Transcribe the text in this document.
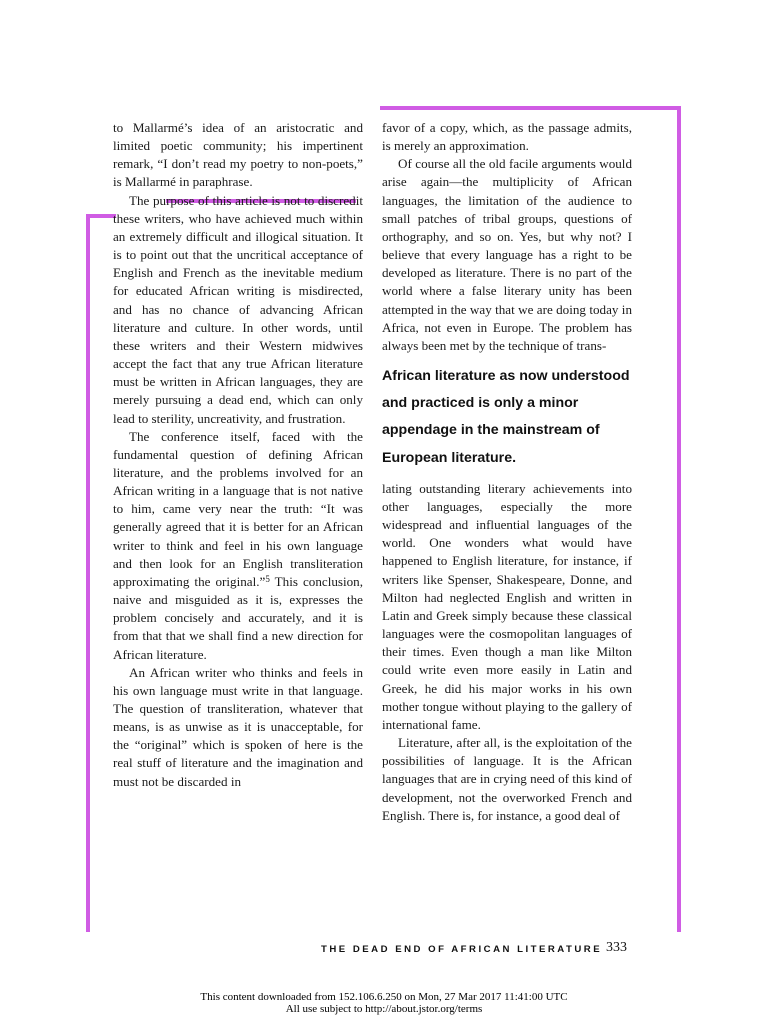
to Mallarmé’s idea of an aristocratic and limited poetic community; his impertinent remark, “I don’t read my poetry to non-poets,” is Mallarmé in paraphrase.

The purpose of this article is not to discredit these writers, who have achieved much within an extremely difficult and illogical situation. It is to point out that the uncritical acceptance of English and French as the inevitable medium for educated African writing is misdirected, and has no chance of advancing African literature and culture. In other words, until these writers and their Western midwives accept the fact that any true African literature must be written in African languages, they are merely pursuing a dead end, which can only lead to sterility, uncreativity, and frustration.

The conference itself, faced with the fundamental question of defining African literature, and the problems involved for an African writing in a language that is not native to him, came very near the truth: “It was generally agreed that it is better for an African writer to think and feel in his own language and then look for an English transliteration approximating the original.”$^5$ This conclusion, naive and misguided as it is, expresses the problem concisely and accurately, and it is from that that we shall find a new direction for African literature.

An African writer who thinks and feels in his own language must write in that language. The question of transliteration, whatever that means, is as unwise as it is unacceptable, for the “original” which is spoken of here is the real stuff of literature and the imagination and must not be discarded in

favor of a copy, which, as the passage admits, is merely an approximation.

Of course all the old facile arguments would arise again—the multiplicity of African languages, the limitation of the audience to small patches of tribal groups, questions of orthography, and so on. Yes, but why not? I believe that every language has a right to be developed as literature. There is no part of the world where a false literary unity has been attempted in the way that we are doing today in Africa, not even in Europe. The problem has always been met by the technique of trans-

African literature as now understood
and practiced is only a minor
appendage in the mainstream of
European literature.

lating outstanding literary achievements into other languages, especially the more widespread and influential languages of the world. One wonders what would have happened to English literature, for instance, if writers like Spenser, Shakespeare, Donne, and Milton had neglected English and written in Latin and Greek simply because these classical languages were the cosmopolitan languages of their times. Even though a man like Milton could write even more easily in Latin and Greek, he did his major works in his own mother tongue without playing to the gallery of international fame.

Literature, after all, is the exploitation of the possibilities of language. It is the African languages that are in crying need of this kind of development, not the overworked French and English. There is, for instance, a good deal of

THE DEAD END OF AFRICAN LITERATURE 333
This content downloaded from 152.106.6.250 on Mon, 27 Mar 2017 11:41:00 UTC
All use subject to http://about.jstor.org/terms
